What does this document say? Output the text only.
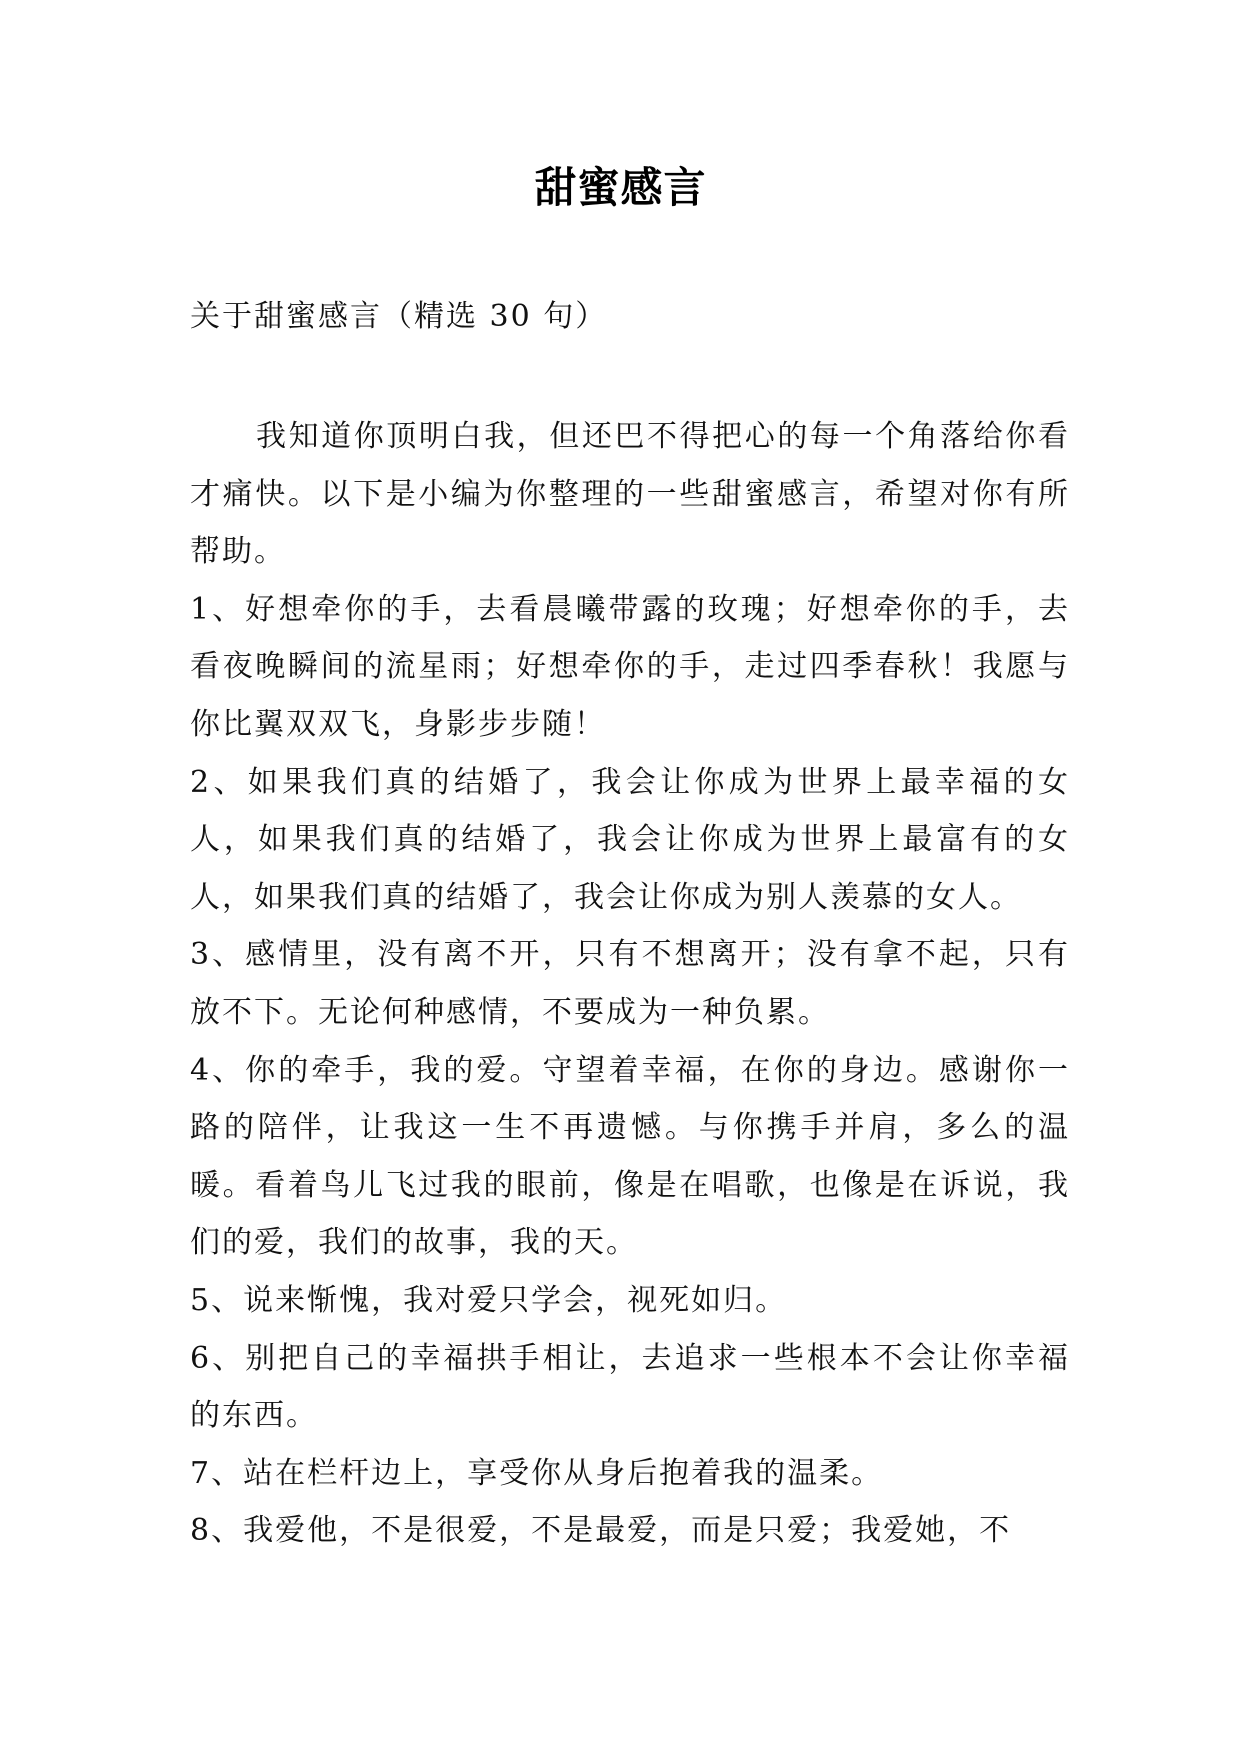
甜蜜感言
关于甜蜜感言（精选 30 句）

我知道你顶明白我，但还巴不得把心的每一个角落给你看才痛快。以下是小编为你整理的一些甜蜜感言，希望对你有所帮助。

1、好想牵你的手，去看晨曦带露的玫瑰；好想牵你的手，去看夜晚瞬间的流星雨；好想牵你的手，走过四季春秋！我愿与你比翼双双飞，身影步步随！

2、如果我们真的结婚了，我会让你成为世界上最幸福的女人，如果我们真的结婚了，我会让你成为世界上最富有的女人，如果我们真的结婚了，我会让你成为别人羡慕的女人。

3、感情里，没有离不开，只有不想离开；没有拿不起，只有放不下。无论何种感情，不要成为一种负累。

4、你的牵手，我的爱。守望着幸福，在你的身边。感谢你一路的陪伴，让我这一生不再遗憾。与你携手并肩，多么的温暖。看着鸟儿飞过我的眼前，像是在唱歌，也像是在诉说，我们的爱，我们的故事，我的天。

5、说来惭愧，我对爱只学会，视死如归。

6、别把自己的幸福拱手相让，去追求一些根本不会让你幸福的东西。

7、站在栏杆边上，享受你从身后抱着我的温柔。

8、我爱他，不是很爱，不是最爱，而是只爱；我爱她，不
